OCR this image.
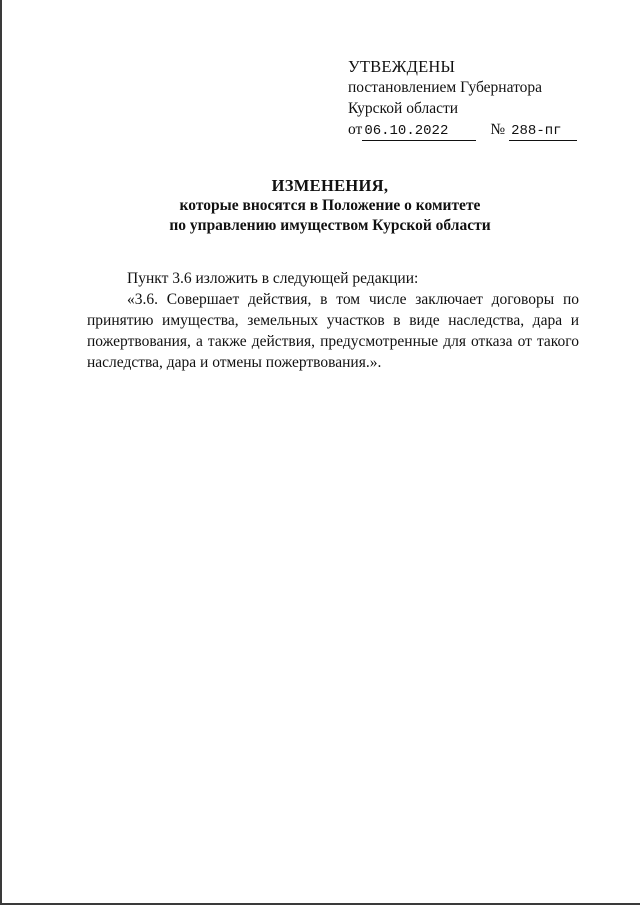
УТВЕЖДЕНЫ
постановлением Губернатора
Курской области
от 06.10.2022	№ 288-пг
ИЗМЕНЕНИЯ,
которые вносятся в Положение о комитете
по управлению имуществом Курской области

Пункт 3.6 изложить в следующей редакции:

«3.6. Совершает действия, в том числе заключает договоры по принятию имущества, земельных участков в виде наследства, дара и пожертвования, а также действия, предусмотренные для отказа от такого наследства, дара и отмены пожертвования.».
